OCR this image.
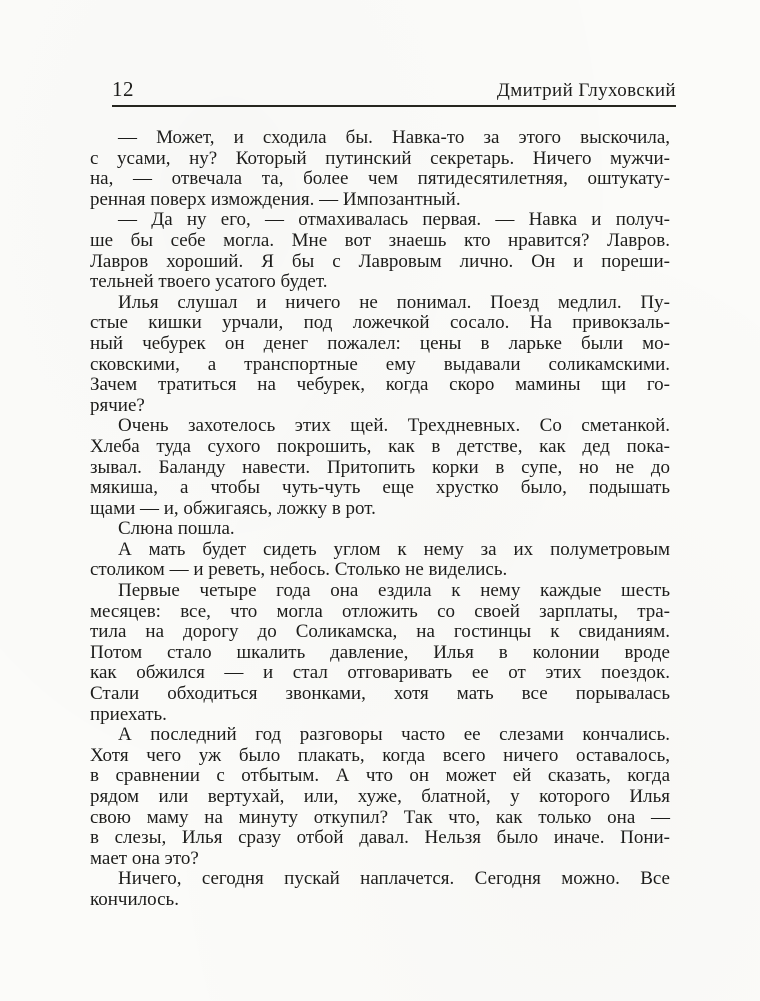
12	Дмитрий Глуховский
— Может, и сходила бы. Навка-то за этого выскочила,
с усами, ну? Который путинский секретарь. Ничего мужчи-
на, — отвечала та, более чем пятидесятилетняя, оштукату-
ренная поверх измождения. — Импозантный.
— Да ну его, — отмахивалась первая. — Навка и получ-
ше бы себе могла. Мне вот знаешь кто нравится? Лавров.
Лавров хороший. Я бы с Лавровым лично. Он и пореши-
тельней твоего усатого будет.
Илья слушал и ничего не понимал. Поезд медлил. Пу-
стые кишки урчали, под ложечкой сосало. На привокзаль-
ный чебурек он денег пожалел: цены в ларьке были мо-
сковскими, а транспортные ему выдавали соликамскими.
Зачем тратиться на чебурек, когда скоро мамины щи го-
рячие?
Очень захотелось этих щей. Трехдневных. Со сметанкой.
Хлеба туда сухого покрошить, как в детстве, как дед пока-
зывал. Баланду навести. Притопить корки в супе, но не до
мякиша, а чтобы чуть-чуть еще хрустко было, подышать
щами — и, обжигаясь, ложку в рот.
Слюна пошла.
А мать будет сидеть углом к нему за их полуметровым
столиком — и реветь, небось. Столько не виделись.
Первые четыре года она ездила к нему каждые шесть
месяцев: все, что могла отложить со своей зарплаты, тра-
тила на дорогу до Соликамска, на гостинцы к свиданиям.
Потом стало шкалить давление, Илья в колонии вроде
как обжился — и стал отговаривать ее от этих поездок.
Стали обходиться звонками, хотя мать все порывалась
приехать.
А последний год разговоры часто ее слезами кончались.
Хотя чего уж было плакать, когда всего ничего оставалось,
в сравнении с отбытым. А что он может ей сказать, когда
рядом или вертухай, или, хуже, блатной, у которого Илья
свою маму на минуту откупил? Так что, как только она —
в слезы, Илья сразу отбой давал. Нельзя было иначе. Пони-
мает она это?
Ничего, сегодня пускай наплачется. Сегодня можно. Все
кончилось.
